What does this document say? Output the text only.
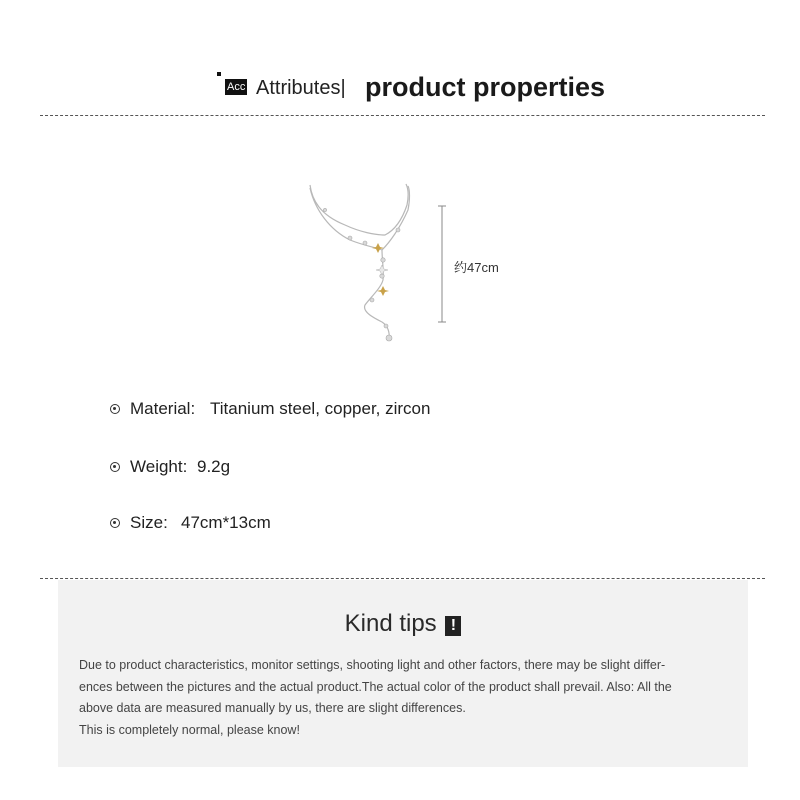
Acc Attributes| product properties
约47cm
Material: Titanium steel, copper, zircon
Weight: 9.2g
Size: 47cm*13cm
Kind tips !

Due to product characteristics, monitor settings, shooting light and other factors, there may be slight differ-

ences between the pictures and the actual product.The actual color of the product shall prevail. Also: All the

above data are measured manually by us, there are slight differences.

This is completely normal, please know!
